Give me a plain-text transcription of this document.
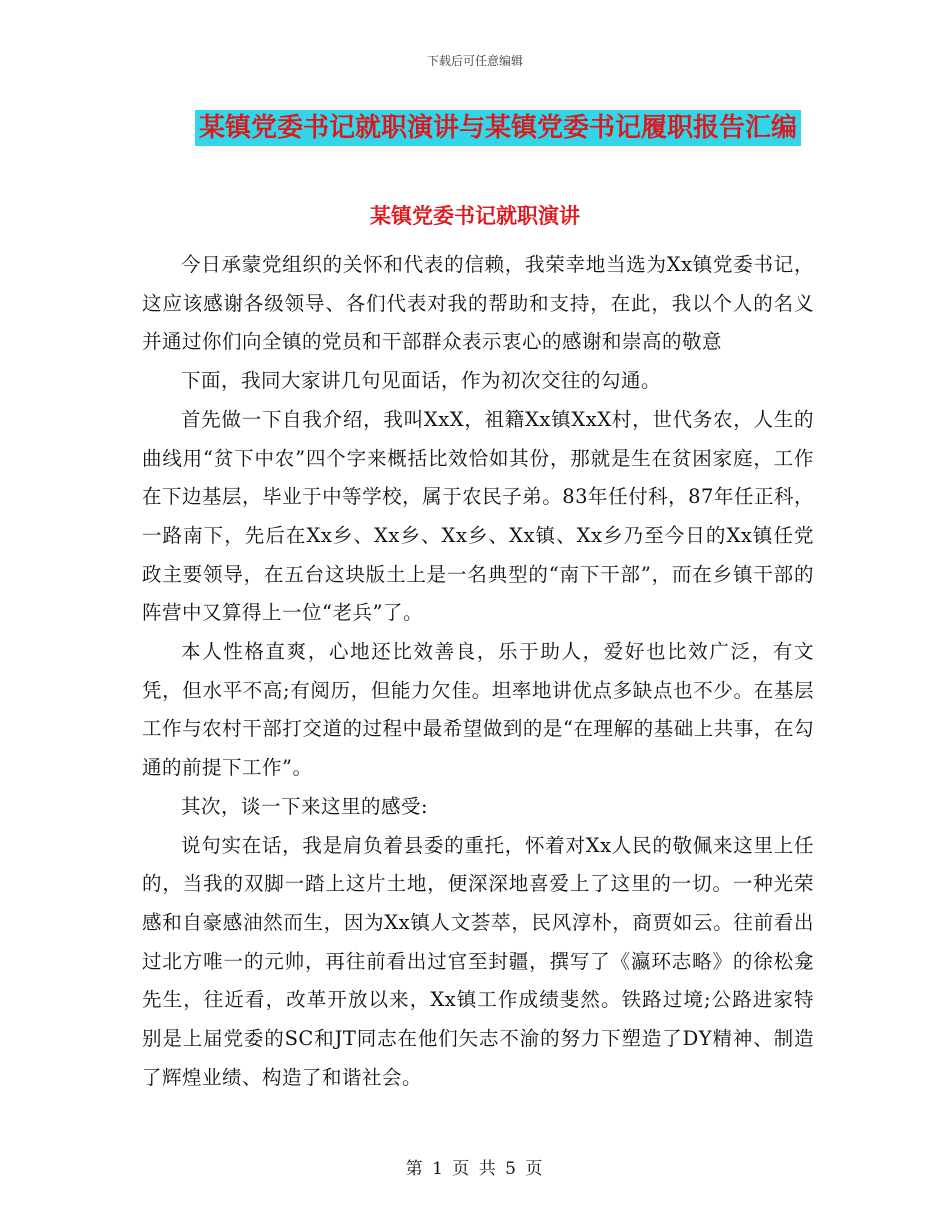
下载后可任意编辑
某镇党委书记就职演讲与某镇党委书记履职报告汇编
某镇党委书记就职演讲

今日承蒙党组织的关怀和代表的信赖，我荣幸地当选为Xx镇党委书记，这应该感谢各级领导、各们代表对我的帮助和支持，在此，我以个人的名义并通过你们向全镇的党员和干部群众表示衷心的感谢和崇高的敬意

下面，我同大家讲几句见面话，作为初次交往的勾通。

首先做一下自我介绍，我叫XxX，祖籍Xx镇XxX村，世代务农，人生的曲线用“贫下中农”四个字来概括比效恰如其份，那就是生在贫困家庭，工作在下边基层，毕业于中等学校，属于农民子弟。83年任付科，87年任正科，一路南下，先后在Xx乡、Xx乡、Xx乡、Xx镇、Xx乡乃至今日的Xx镇任党政主要领导，在五台这块版土上是一名典型的“南下干部”，而在乡镇干部的阵营中又算得上一位“老兵”了。

本人性格直爽，心地还比效善良，乐于助人，爱好也比效广泛，有文凭，但水平不高;有阅历，但能力欠佳。坦率地讲优点多缺点也不少。在基层工作与农村干部打交道的过程中最希望做到的是“在理解的基础上共事，在勾通的前提下工作”。

其次，谈一下来这里的感受:

说句实在话，我是肩负着县委的重托，怀着对Xx人民的敬佩来这里上任的，当我的双脚一踏上这片土地，便深深地喜爱上了这里的一切。一种光荣感和自豪感油然而生，因为Xx镇人文荟萃，民风淳朴，商贾如云。往前看出过北方唯一的元帅，再往前看出过官至封疆，撰写了《瀛环志略》的徐松龛先生，往近看，改革开放以来，Xx镇工作成绩斐然。铁路过境;公路进家特别是上届党委的SC和JT同志在他们矢志不渝的努力下塑造了DY精神、制造了辉煌业绩、构造了和谐社会。

第 1 页 共 5 页
